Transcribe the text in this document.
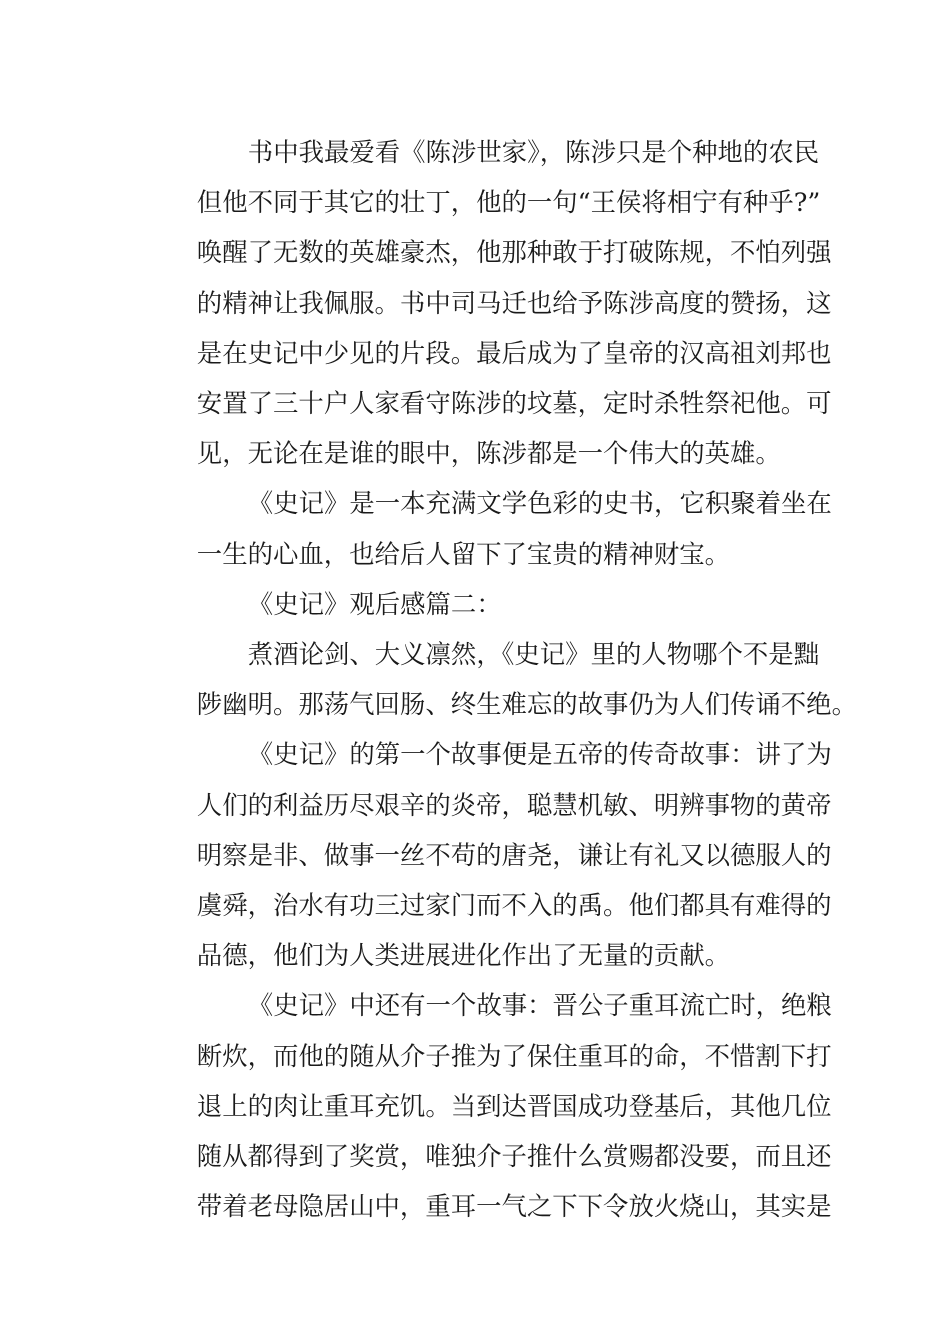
书中我最爱看《陈涉世家》，陈涉只是个种地的农民
但他不同于其它的壮丁，他的一句“王侯将相宁有种乎?”
唤醒了无数的英雄豪杰，他那种敢于打破陈规，不怕列强
的精神让我佩服。书中司马迁也给予陈涉高度的赞扬，这
是在史记中少见的片段。最后成为了皇帝的汉高祖刘邦也
安置了三十户人家看守陈涉的坟墓，定时杀牲祭祀他。可
见，无论在是谁的眼中，陈涉都是一个伟大的英雄。
《史记》是一本充满文学色彩的史书，它积聚着坐在
一生的心血，也给后人留下了宝贵的精神财宝。
《史记》观后感篇二：
煮酒论剑、大义凛然，《史记》里的人物哪个不是黜
陟幽明。那荡气回肠、终生难忘的故事仍为人们传诵不绝。
《史记》的第一个故事便是五帝的传奇故事：讲了为
人们的利益历尽艰辛的炎帝，聪慧机敏、明辨事物的黄帝
明察是非、做事一丝不苟的唐尧，谦让有礼又以德服人的
虞舜，治水有功三过家门而不入的禹。他们都具有难得的
品德，他们为人类进展进化作出了无量的贡献。
《史记》中还有一个故事：晋公子重耳流亡时，绝粮
断炊，而他的随从介子推为了保住重耳的命，不惜割下打
退上的肉让重耳充饥。当到达晋国成功登基后，其他几位
随从都得到了奖赏，唯独介子推什么赏赐都没要，而且还
带着老母隐居山中，重耳一气之下下令放火烧山，其实是
